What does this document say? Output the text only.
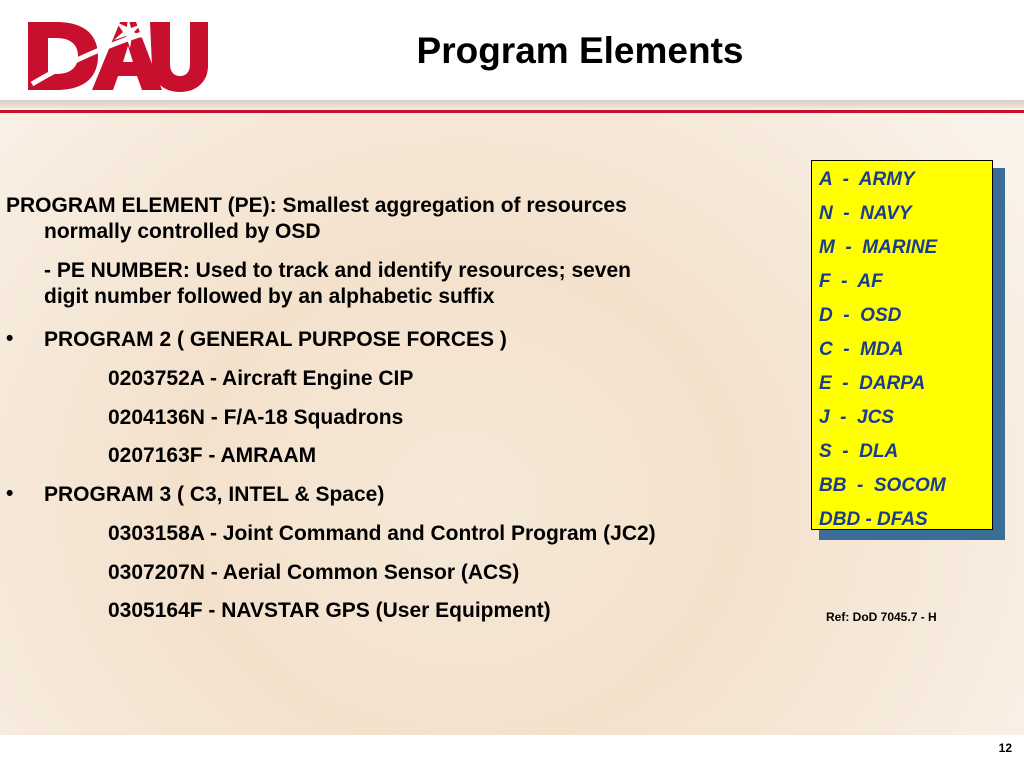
Program Elements
PROGRAM ELEMENT (PE): Smallest aggregation of resources
normally controlled by OSD
- PE NUMBER: Used to track and identify resources; seven
digit number followed by an alphabetic suffix
• PROGRAM 2 ( GENERAL PURPOSE FORCES )
0203752A - Aircraft Engine CIP
0204136N - F/A-18 Squadrons
0207163F - AMRAAM
• PROGRAM 3 ( C3, INTEL & Space)
0303158A - Joint Command and Control Program (JC2)
0307207N - Aerial Common Sensor (ACS)
0305164F - NAVSTAR GPS (User Equipment)
A  -  ARMY
N  -  NAVY
M  -  MARINE
F  -  AF
D  -  OSD
C  -  MDA
E  -  DARPA
J  -  JCS
S  -  DLA
BB  -  SOCOM
DBD - DFAS
Ref: DoD 7045.7 - H
12
